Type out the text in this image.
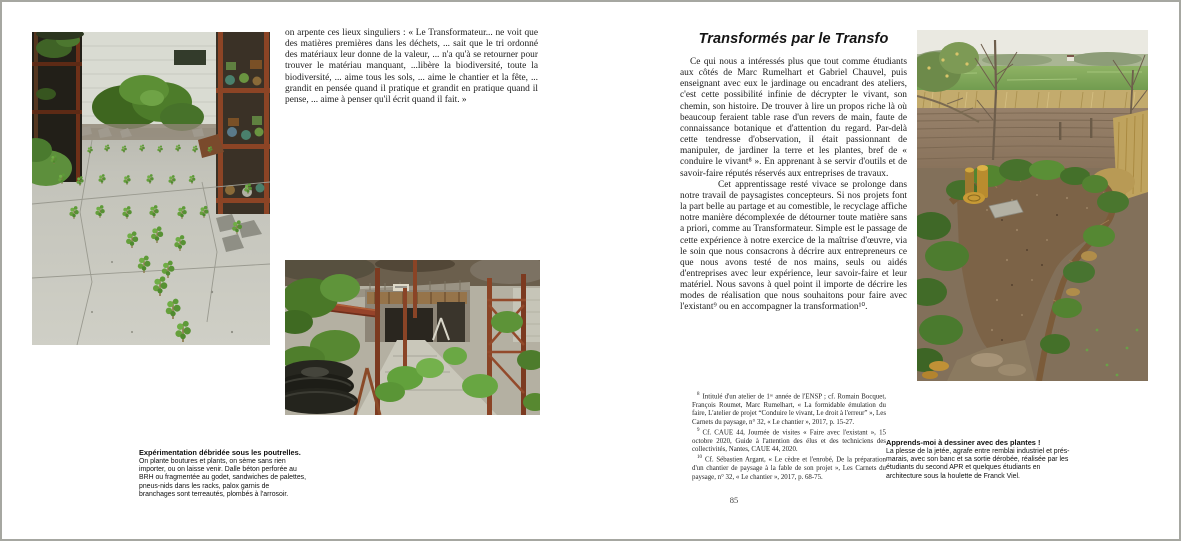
on arpente ces lieux singuliers : « Le Transformateur... ne voit que des matières premières dans les déchets, ... sait que le tri ordonné des matériaux leur donne de la valeur, ... n'a qu'à se retourner pour trouver le matériau manquant, ...libère la biodiversité, toute la biodiversité, ... aime tous les sols, ... aime le chantier et la fête, ... grandit en pensée quand il pratique et grandit en pratique quand il pense, ... aime à penser qu'il écrit quand il fait. »
Expérimentation débridée sous les poutrelles.
On plante boutures et plants, on sème sans rien importer, ou on laisse venir. Dalle béton perforée au BRH ou fragmentée au godet, sandwiches de palettes, pneus-nids dans les racks, palox garnis de branchages sont terreautés, plombés à l'arrosoir.
Transformés par le Transfo

Ce qui nous a intéressés plus que tout comme étudiants aux côtés de Marc Rumelhart et Gabriel Chauvel, puis enseignant avec eux le jardinage ou encadrant des ateliers, c'est cette possibilité infinie de décrypter le vivant, son chemin, son histoire. De trouver à lire un propos riche là où beaucoup feraient table rase d'un revers de main, faute de connaissance botanique et d'attention du regard. Par-delà cette tendresse d'observation, il était passionnant de manipuler, de jardiner la terre et les plantes, bref de « conduire le vivant⁸ ». En apprenant à se servir d'outils et de savoir-faire réputés réservés aux entreprises de travaux.

Cet apprentissage resté vivace se prolonge dans notre travail de paysagistes concepteurs. Si nos projets font la part belle au partage et au comestible, le recyclage affiche notre manière décomplexée de détourner toute matière sans a priori, comme au Transformateur. Simple est le passage de cette expérience à notre exercice de la maîtrise d'œuvre, via le soin que nous consacrons à décrire aux entrepreneurs ce que nous avons testé de nos mains, seuls ou aidés d'entreprises avec leur expérience, leur savoir-faire et leur matériel. Nous savons à quel point il importe de décrire les modes de réalisation que nous souhaitons pour faire avec l'existant⁹ ou en accompagner la transformation¹⁰.

$^8$ Intitulé d'un atelier de 1ʳᵉ année de l'ENSP ; cf. Romain Bocquet, François Roumet, Marc Rumelhart, « La formidable émulation du faire, L'atelier de projet “Conduire le vivant, Le droit à l'erreur” », Les Carnets du paysage, n° 32, « Le chantier », 2017, p. 15-27.

$^9$ Cf. CAUE 44, Journée de visites « Faire avec l'existant », 15 octobre 2020, Guide à l'attention des élus et des techniciens des collectivités, Nantes, CAUE 44, 2020.

$^{10}$ Cf. Sébastien Argant, « Le cèdre et l'enrobé, De la préparation d'un chantier de paysage à la fable de son projet », Les Carnets du paysage, n° 32, « Le chantier », 2017, p. 68-75.

85
Apprends-moi à dessiner avec des plantes !
La plesse de la jetée, agrafe entre remblai industriel et prés-marais, avec son banc et sa sortie dérobée, réalisée par les étudiants du second APR et quelques étudiants en architecture sous la houlette de Franck Viel.
